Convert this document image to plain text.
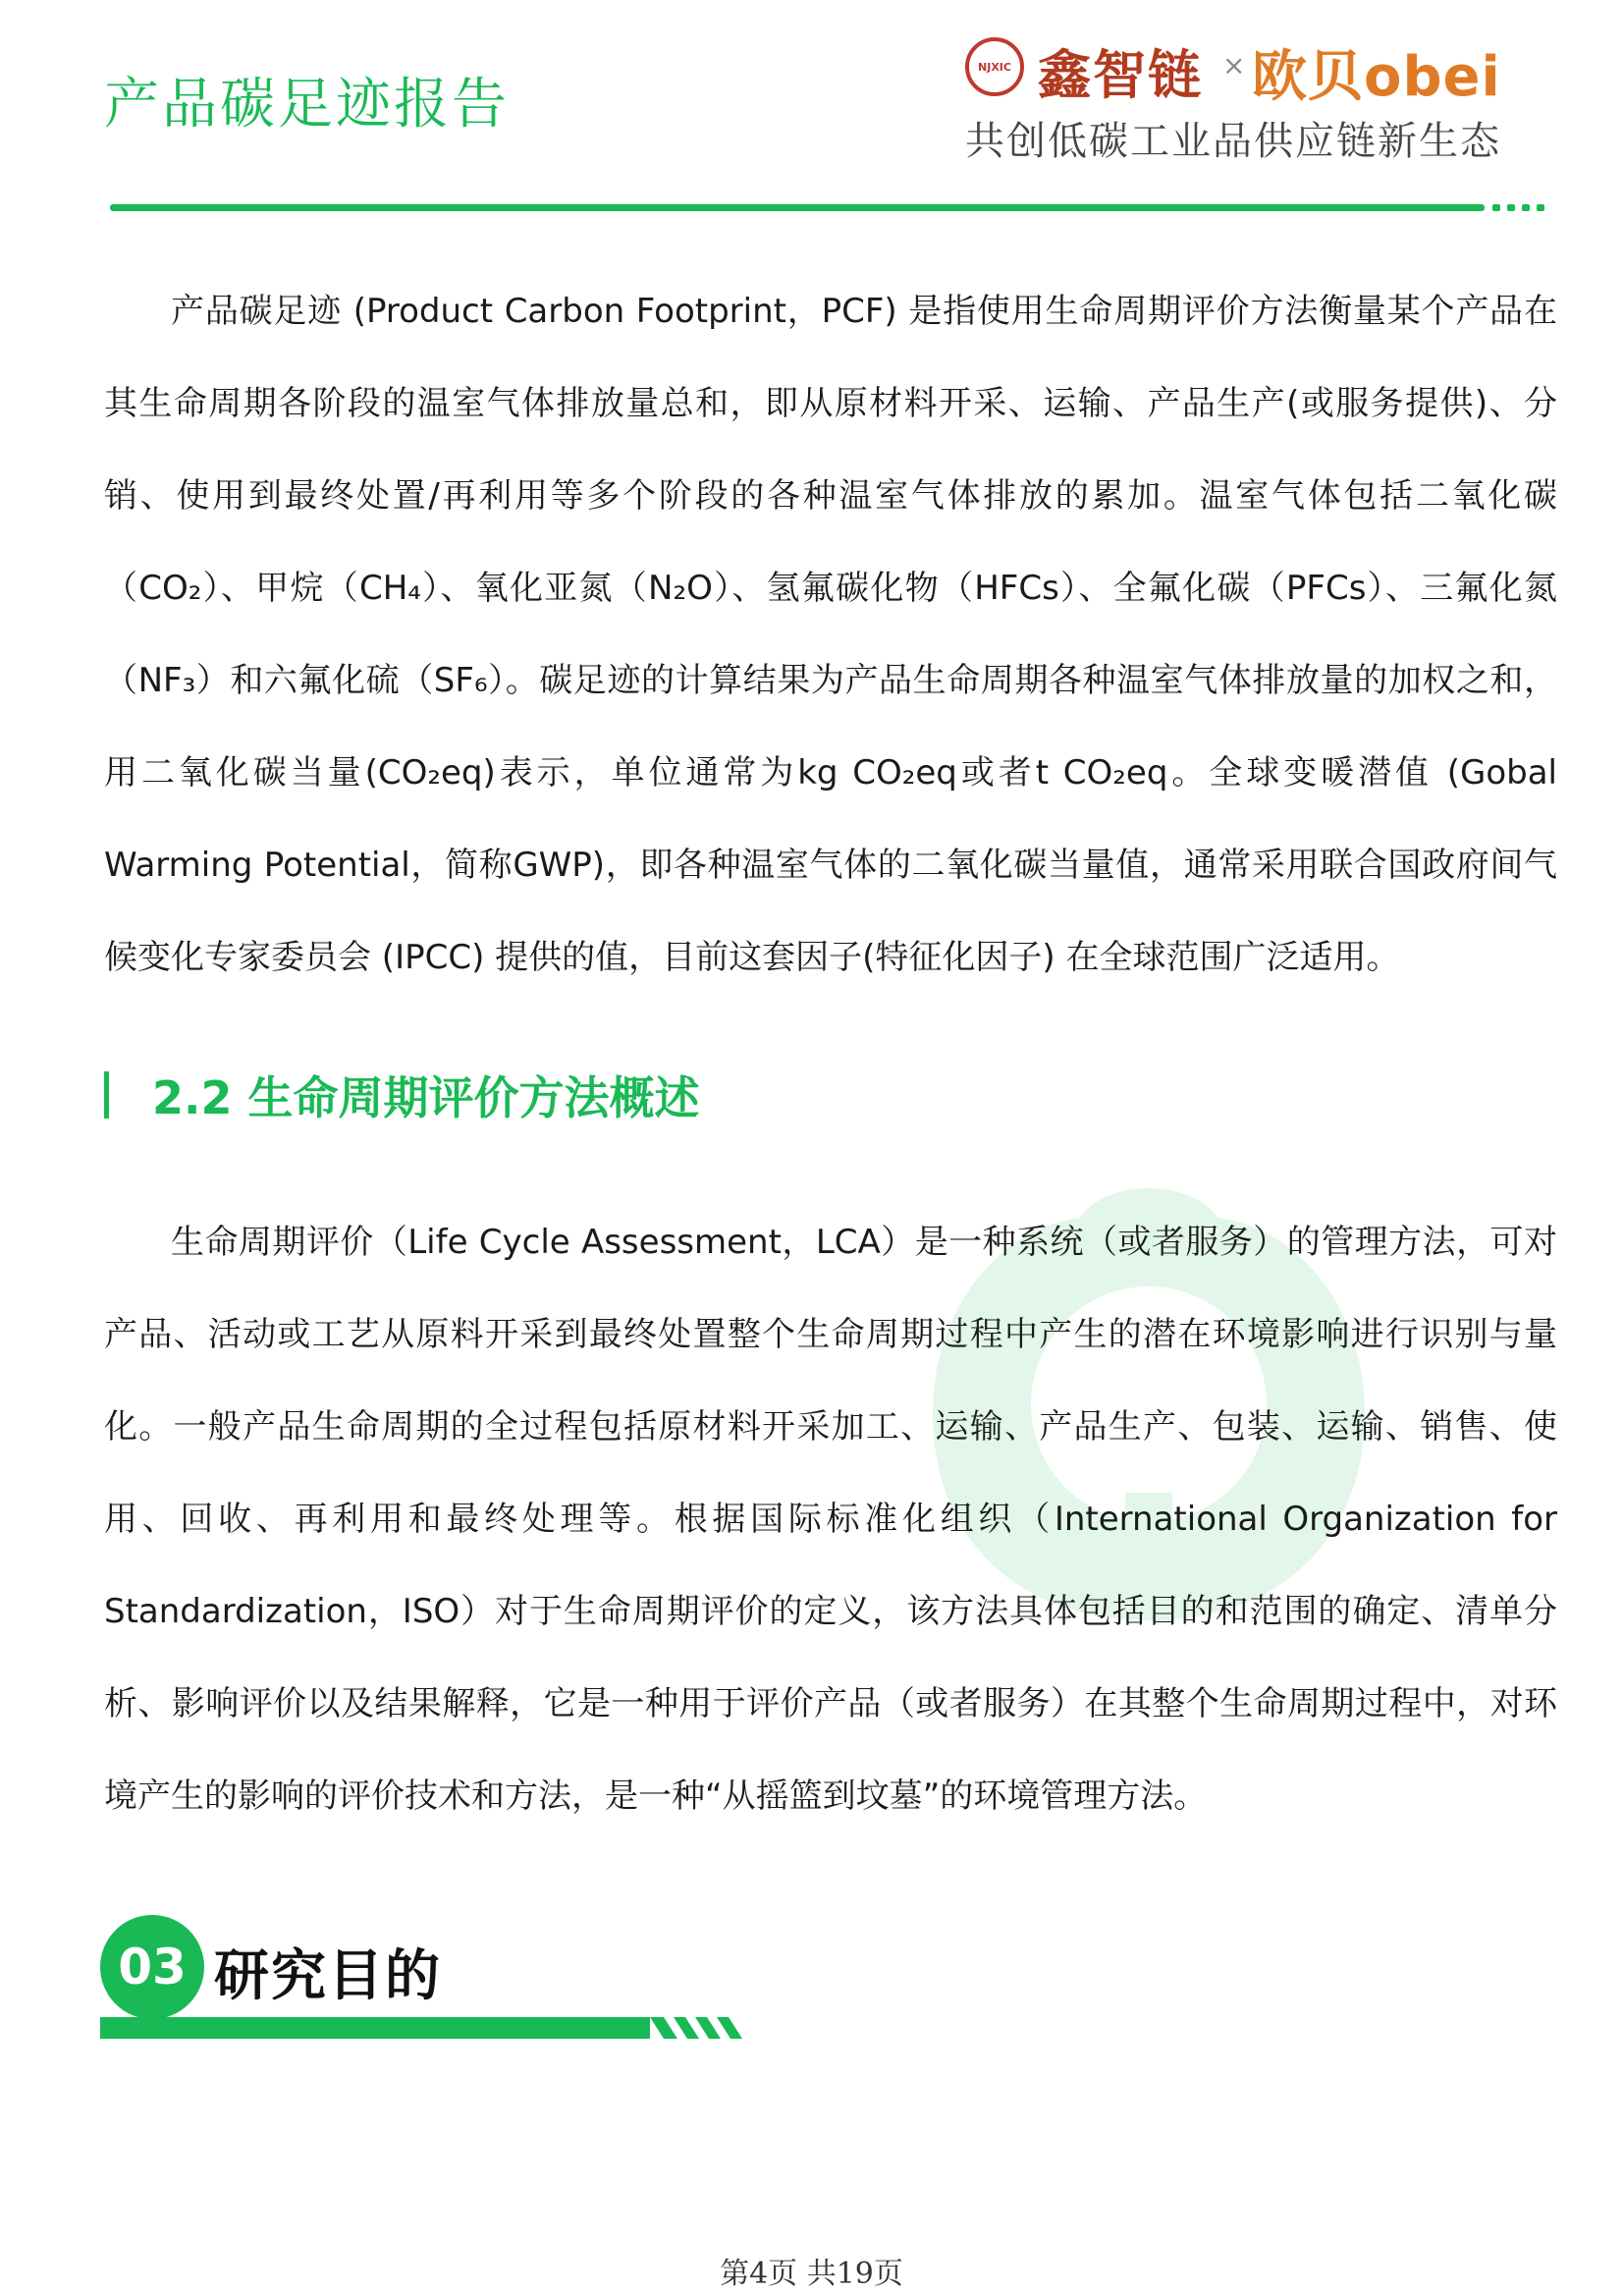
产品碳足迹报告
NJXIC 鑫智链 × 欧贝obei
共创低碳工业品供应链新生态

产品碳足迹 (Product Carbon Footprint，PCF) 是指使用生命周期评价方法衡量某个产品在其生命周期各阶段的温室气体排放量总和，即从原材料开采、运输、产品生产(或服务提供)、分销、使用到最终处置/再利用等多个阶段的各种温室气体排放的累加。温室气体包括二氧化碳（CO₂）、甲烷（CH₄）、氧化亚氮（N₂O）、氢氟碳化物（HFCs）、全氟化碳（PFCs）、三氟化氮（NF₃）和六氟化硫（SF₆）。碳足迹的计算结果为产品生命周期各种温室气体排放量的加权之和，用二氧化碳当量(CO₂eq)表示，单位通常为kg CO₂eq或者t CO₂eq。全球变暖潜值 (Gobal Warming Potential，简称GWP)，即各种温室气体的二氧化碳当量值，通常采用联合国政府间气候变化专家委员会 (IPCC) 提供的值，目前这套因子(特征化因子) 在全球范围广泛适用。

2.2 生命周期评价方法概述

生命周期评价（Life Cycle Assessment，LCA）是一种系统（或者服务）的管理方法，可对产品、活动或工艺从原料开采到最终处置整个生命周期过程中产生的潜在环境影响进行识别与量化。一般产品生命周期的全过程包括原材料开采加工、运输、产品生产、包装、运输、销售、使用、回收、再利用和最终处理等。根据国际标准化组织（International Organization for Standardization，ISO）对于生命周期评价的定义，该方法具体包括目的和范围的确定、清单分析、影响评价以及结果解释，它是一种用于评价产品（或者服务）在其整个生命周期过程中，对环境产生的影响的评价技术和方法，是一种“从摇篮到坟墓”的环境管理方法。

03 研究目的
第4页 共19页
